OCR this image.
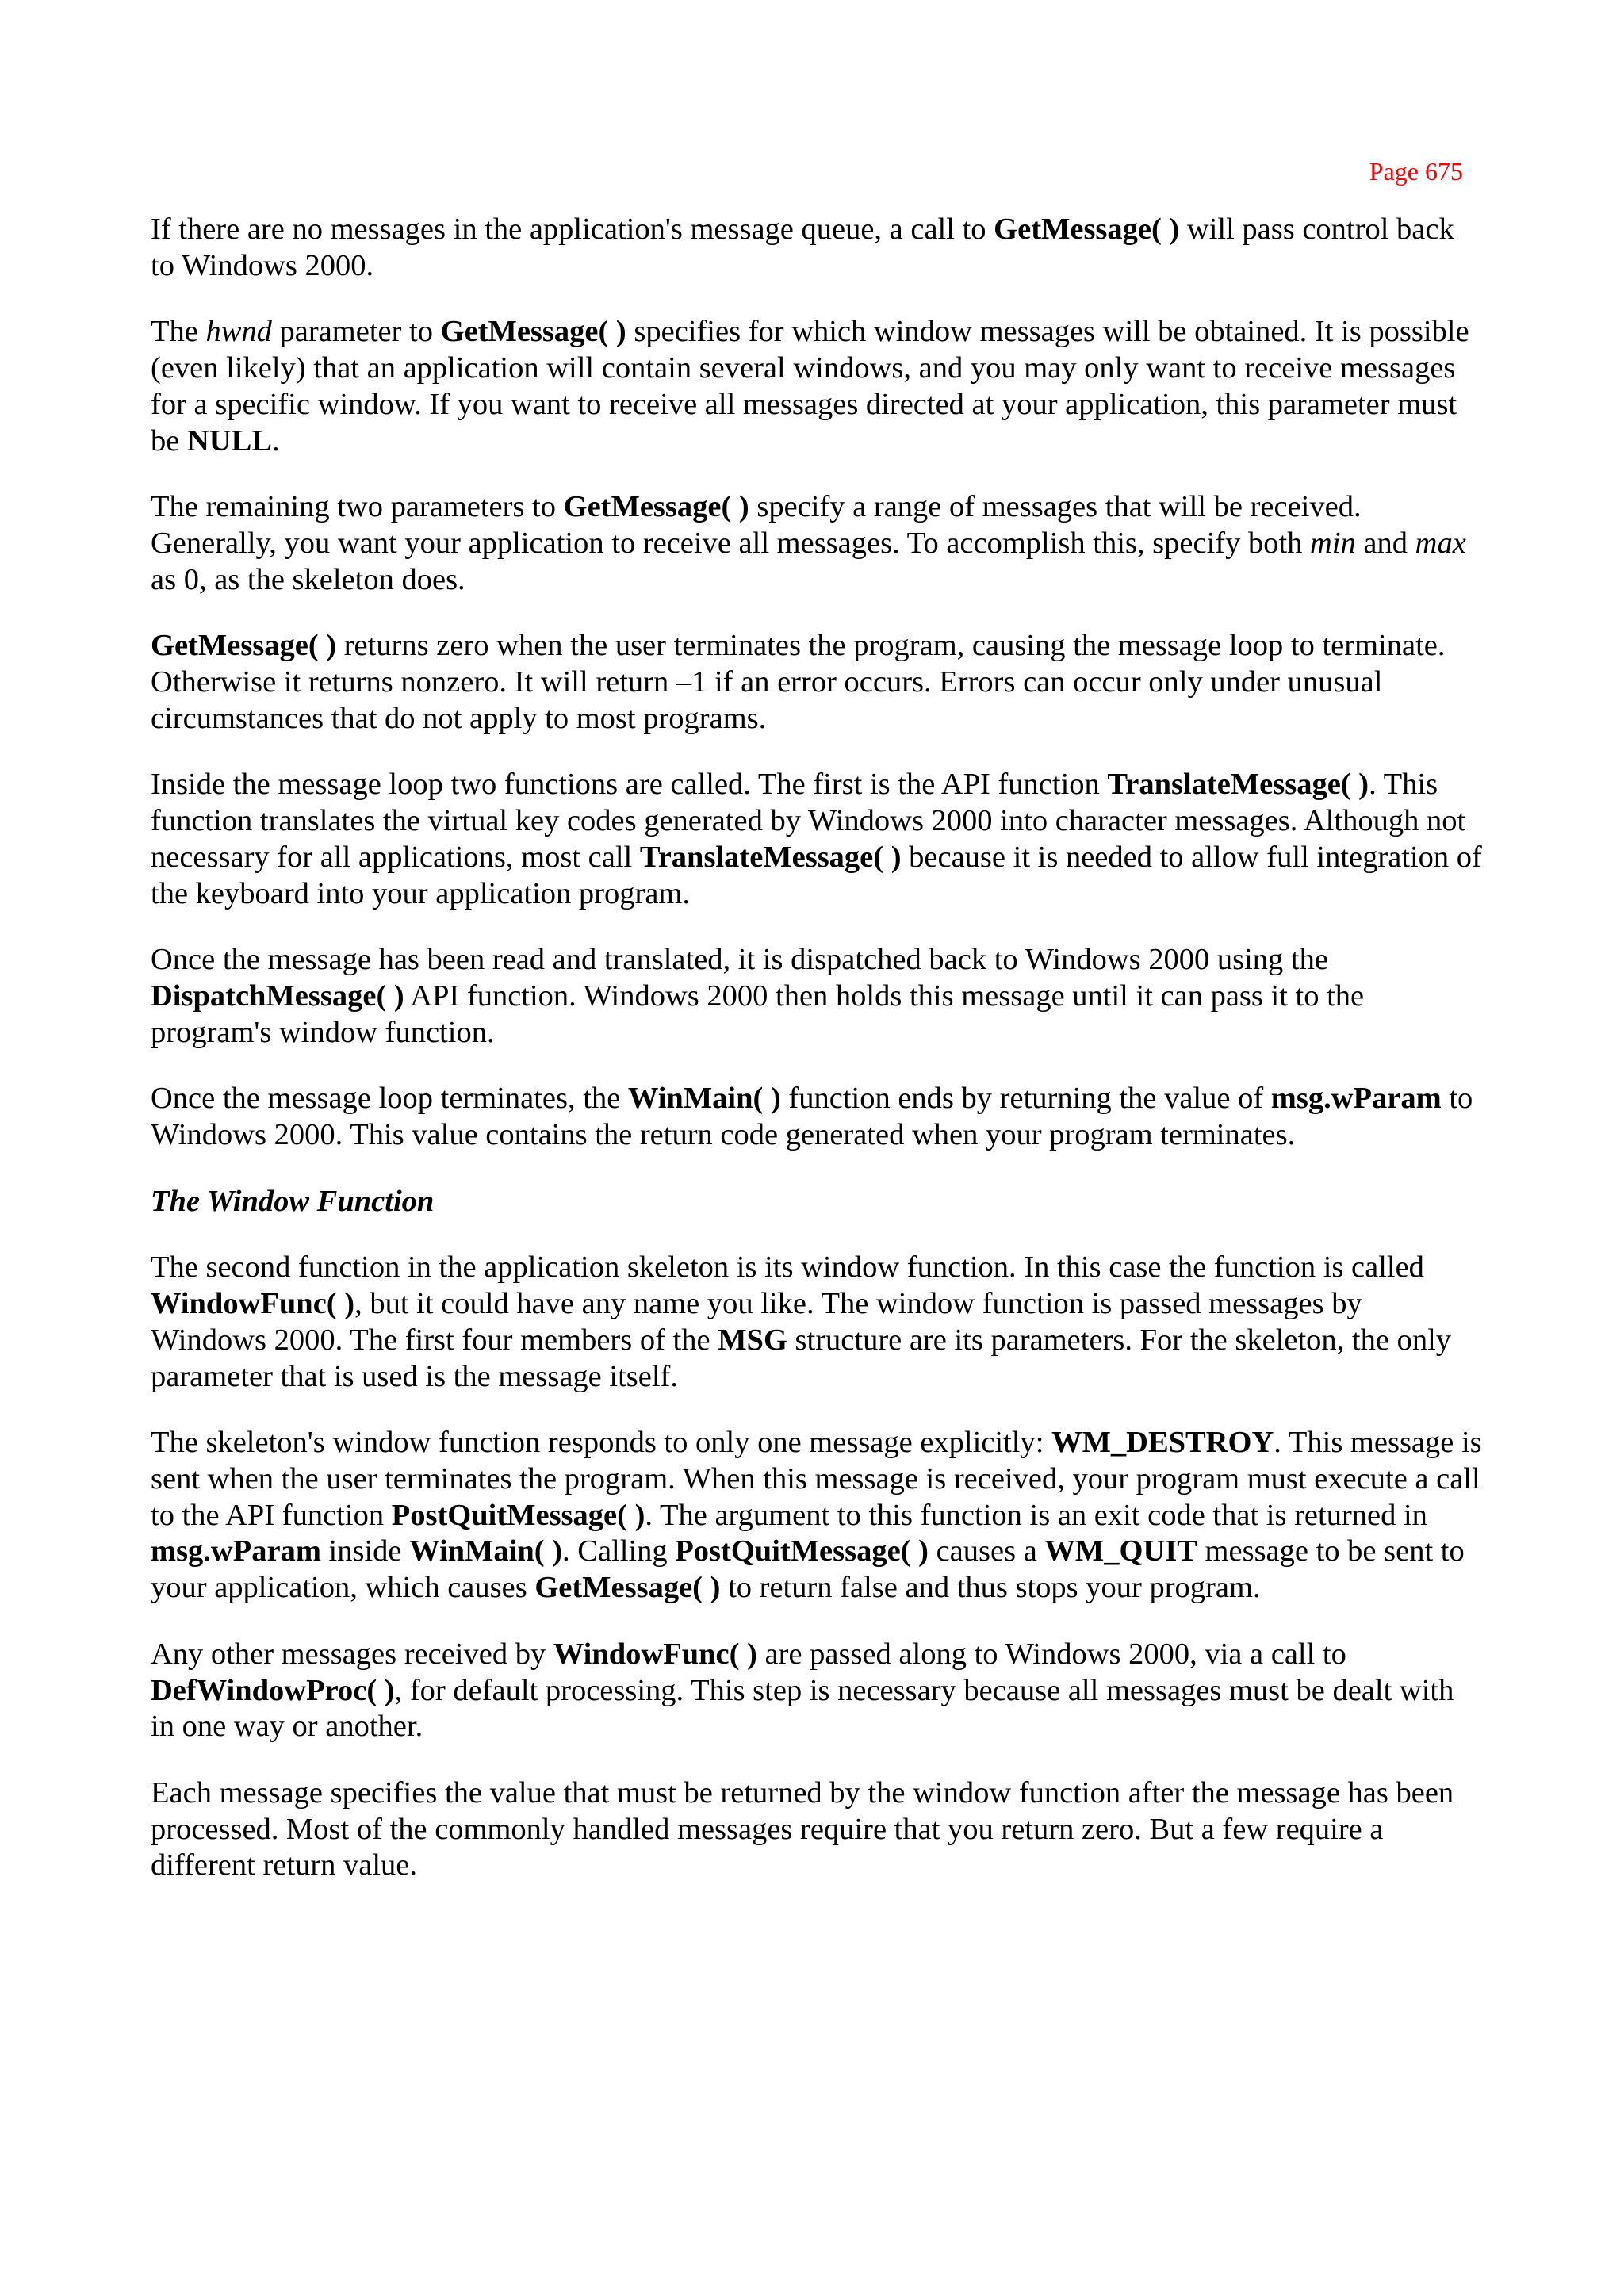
Page 675

If there are no messages in the application's message queue, a call to GetMessage( ) will pass control back to Windows 2000.

The hwnd parameter to GetMessage( ) specifies for which window messages will be obtained. It is possible (even likely) that an application will contain several windows, and you may only want to receive messages for a specific window. If you want to receive all messages directed at your application, this parameter must be NULL.

The remaining two parameters to GetMessage( ) specify a range of messages that will be received. Generally, you want your application to receive all messages. To accomplish this, specify both min and max as 0, as the skeleton does.

GetMessage( ) returns zero when the user terminates the program, causing the message loop to terminate. Otherwise it returns nonzero. It will return –1 if an error occurs. Errors can occur only under unusual circumstances that do not apply to most programs.

Inside the message loop two functions are called. The first is the API function TranslateMessage( ). This function translates the virtual key codes generated by Windows 2000 into character messages. Although not necessary for all applications, most call TranslateMessage( ) because it is needed to allow full integration of the keyboard into your application program.

Once the message has been read and translated, it is dispatched back to Windows 2000 using the DispatchMessage( ) API function. Windows 2000 then holds this message until it can pass it to the program's window function.

Once the message loop terminates, the WinMain( ) function ends by returning the value of msg.wParam to Windows 2000. This value contains the return code generated when your program terminates.

The Window Function

The second function in the application skeleton is its window function. In this case the function is called WindowFunc( ), but it could have any name you like. The window function is passed messages by Windows 2000. The first four members of the MSG structure are its parameters. For the skeleton, the only parameter that is used is the message itself.

The skeleton's window function responds to only one message explicitly: WM_DESTROY. This message is sent when the user terminates the program. When this message is received, your program must execute a call to the API function PostQuitMessage( ). The argument to this function is an exit code that is returned in msg.wParam inside WinMain( ). Calling PostQuitMessage( ) causes a WM_QUIT message to be sent to your application, which causes GetMessage( ) to return false and thus stops your program.

Any other messages received by WindowFunc( ) are passed along to Windows 2000, via a call to DefWindowProc( ), for default processing. This step is necessary because all messages must be dealt with in one way or another.

Each message specifies the value that must be returned by the window function after the message has been processed. Most of the commonly handled messages require that you return zero. But a few require a different return value.
